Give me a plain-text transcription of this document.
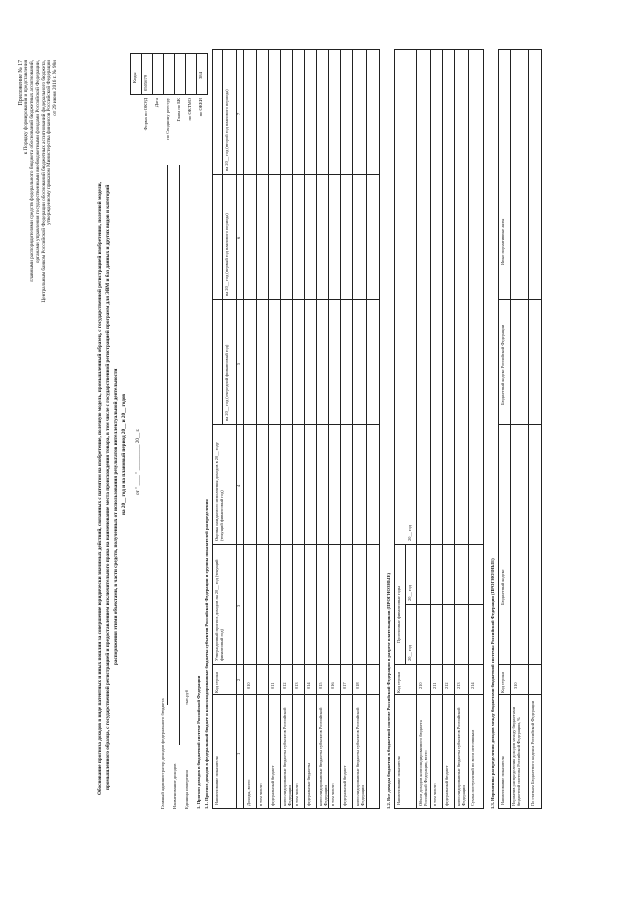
Приложение № 17 к Порядку формирования и представления главными распорядителями средств федерального бюджета обоснований бюджетных ассигнований, органами управления государственными внебюджетными фондами Российской Федерации, Центральным банком Российской Федерации обоснований бюджетных ассигнований федерального бюджета, утвержденному приказом Министерства финансов Российской Федерации от 29 июня 2016 г. № 98н
Обоснование прогноза доходов в виде патентных и иных пошлин за совершение юридически значимых действий, связанных с патентом на изобретение, полезную модель, промышленный образец, с государственной регистрацией изобретения, полезной модели, промышленного образца, с государственной регистрацией и предоставлением исключительного права на наименование места происхождения товара, в том числе с государственной регистрацией программ для ЭВМ и баз данных и других видов и категорий распоряжения этими объектами, в части средств, полученных от использования результатов интеллектуальной деятельности на 20__ год и на плановый период 20__ и 20__ годов от " ____ " __________ 20__ г.
Коды
Форма по ОКУД
0505679
Дата по Сводному реестру Глава по БК по ОКТМО по ОКЕИ
384
Главный администратор доходов федерального бюджета Наименование доходов Единица измерения
тыс.руб 1. Прогноз доходов в бюджетной системе Российской Федерации 1.1. Прогноз доходов в федеральный бюджет и консолидированные бюджеты субъектов Российской Федерации и группы показателей распределения Наименование показателя
Код строки
Утвержденный прогноз доходов на 20__ год (текущий финансовый год)
Оценка ожидаемого исполнения доходов в 20__ году (текущий финансовый год)
на 20__ год (очередной финансовый год)
на 20__ год (первый год планового периода)
на 20__ год (второй год планового периода)
1
2
3
4
5
6
7
Доходы, всего
010
в том числе: федеральный бюджет
011
консолидированные бюджеты субъектов Российской Федерации
012
в том числе:
013
федеральные бюджеты
014
консолидированные бюджеты субъектов Российской Федерации
015
в том числе:
016
федеральный бюджет
017
консолидированные бюджеты субъектов Российской Федерации
018	1.2. Все доходы бюджетов в бюджетной системе Российской Федерации в разрезе плательщиков (ПРОГНОЗНЫЕ) Наименование показателя
Код строки
Прогнозные финансовые годы
20__ год
20__ год
20__ год
Объем доходов консолидированного бюджета Российской Федерации, всего
210
в том числе:
211
федеральный бюджет
212
консолидированные бюджеты субъектов Российской Федерации
213
Сумма поступлений по всем источникам
214	1.3. Нормативы распределения доходов между бюджетами бюджетной системы Российской Федерации (ПРОГНОЗНЫЕ) Наименование показателя
Код строки
Бюджетный кодекс
Бюджетный кодекс Российской Федерации
Иные нормативные акты
Норматив распределения доходов между бюджетами бюджетной системы Российской Федерации, %
310
По статьям Бюджетного кодекса Российской Федерации
